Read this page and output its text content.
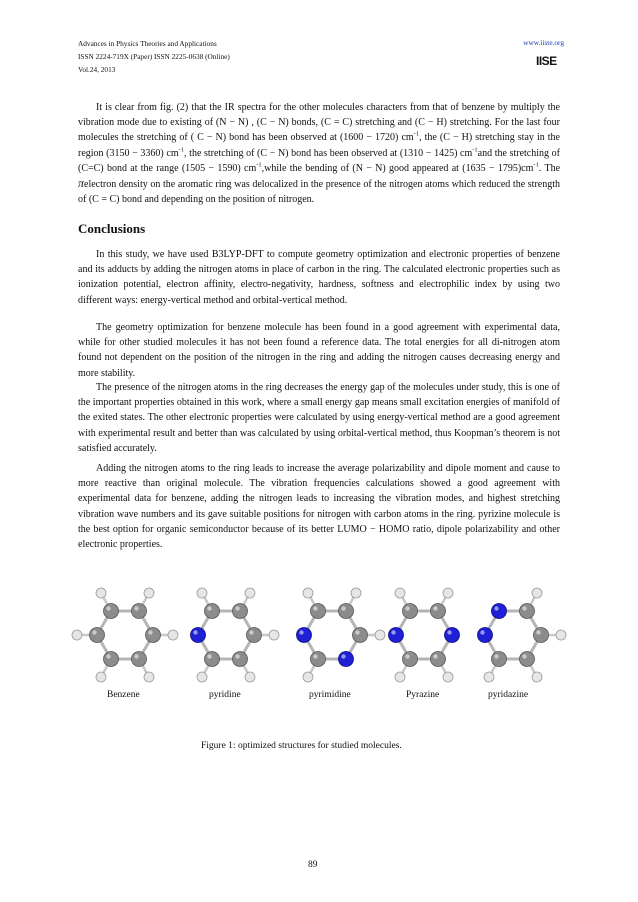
Advances in Physics Theories and Applications
ISSN 2224-719X (Paper) ISSN 2225-0638 (Online)
Vol.24, 2013
www.iiste.org
IISE

It is clear from fig. (2) that the IR spectra for the other molecules characters from that of benzene by multiply the vibration mode due to existing of (N − N) , (C − N) bonds, (C = C) stretching and (C − H) stretching. For the last four molecules the stretching of ( C − N) bond has been observed at (1600 − 1720) $cm^{-1}$, the (C − H) stretching stay in the region (3150 − 3360) $cm^{-1}$, the stretching of (C − N) bond has been observed at (1310 − 1425) $cm^{-1}and$ the stretching of (C=C) bond at the range (1505 − 1590) $cm^{-1},while$ the bending of (N − N) good appeared at $(1635 - 1795)cm^{-1}$. The πelectron density on the aromatic ring was delocalized in the presence of the nitrogen atoms which reduced the strength of (C = C) bond and depending on the position of nitrogen.

Conclusions

In this study, we have used B3LYP-DFT to compute geometry optimization and electronic properties of benzene and its adducts by adding the nitrogen atoms in place of carbon in the ring. The calculated electronic properties such as ionization potential, electron affinity, electro-negativity, hardness, softness and electrophilic index by using two different ways: energy-vertical method and orbital-vertical method.

The geometry optimization for benzene molecule has been found in a good agreement with experimental data, while for other studied molecules it has not been found a reference data. The total energies for all di-nitrogen atom found not dependent on the position of the nitrogen in the ring and adding the nitrogen causes decreasing energy and more stability.

The presence of the nitrogen atoms in the ring decreases the energy gap of the molecules under study, this is one of the important properties obtained in this work, where a small energy gap means small excitation energies of manifold of the exited states. The other electronic properties were calculated by using energy-vertical method are a good agreement with experimental result and better than was calculated by using orbital-vertical method, thus Koopman’s theorem is not satisfied accurately.

Adding the nitrogen atoms to the ring leads to increase the average polarizability and dipole moment and cause to more reactive than original molecule. The vibration frequencies calculations showed a good agreement with experimental data for benzene, adding the nitrogen leads to increasing the vibration modes, and highest stretching vibration wave numbers and its gave suitable positions for nitrogen with carbon atoms in the ring. pyrizine molecule is the best option for organic semiconductor because of its better LUMO − HOMO ratio, dipole polarizability and other electronic properties.

Benzene	pyridine	pyrimidine	Pyrazine	pyridazine
Figure 1: optimized structures for studied molecules.
89
